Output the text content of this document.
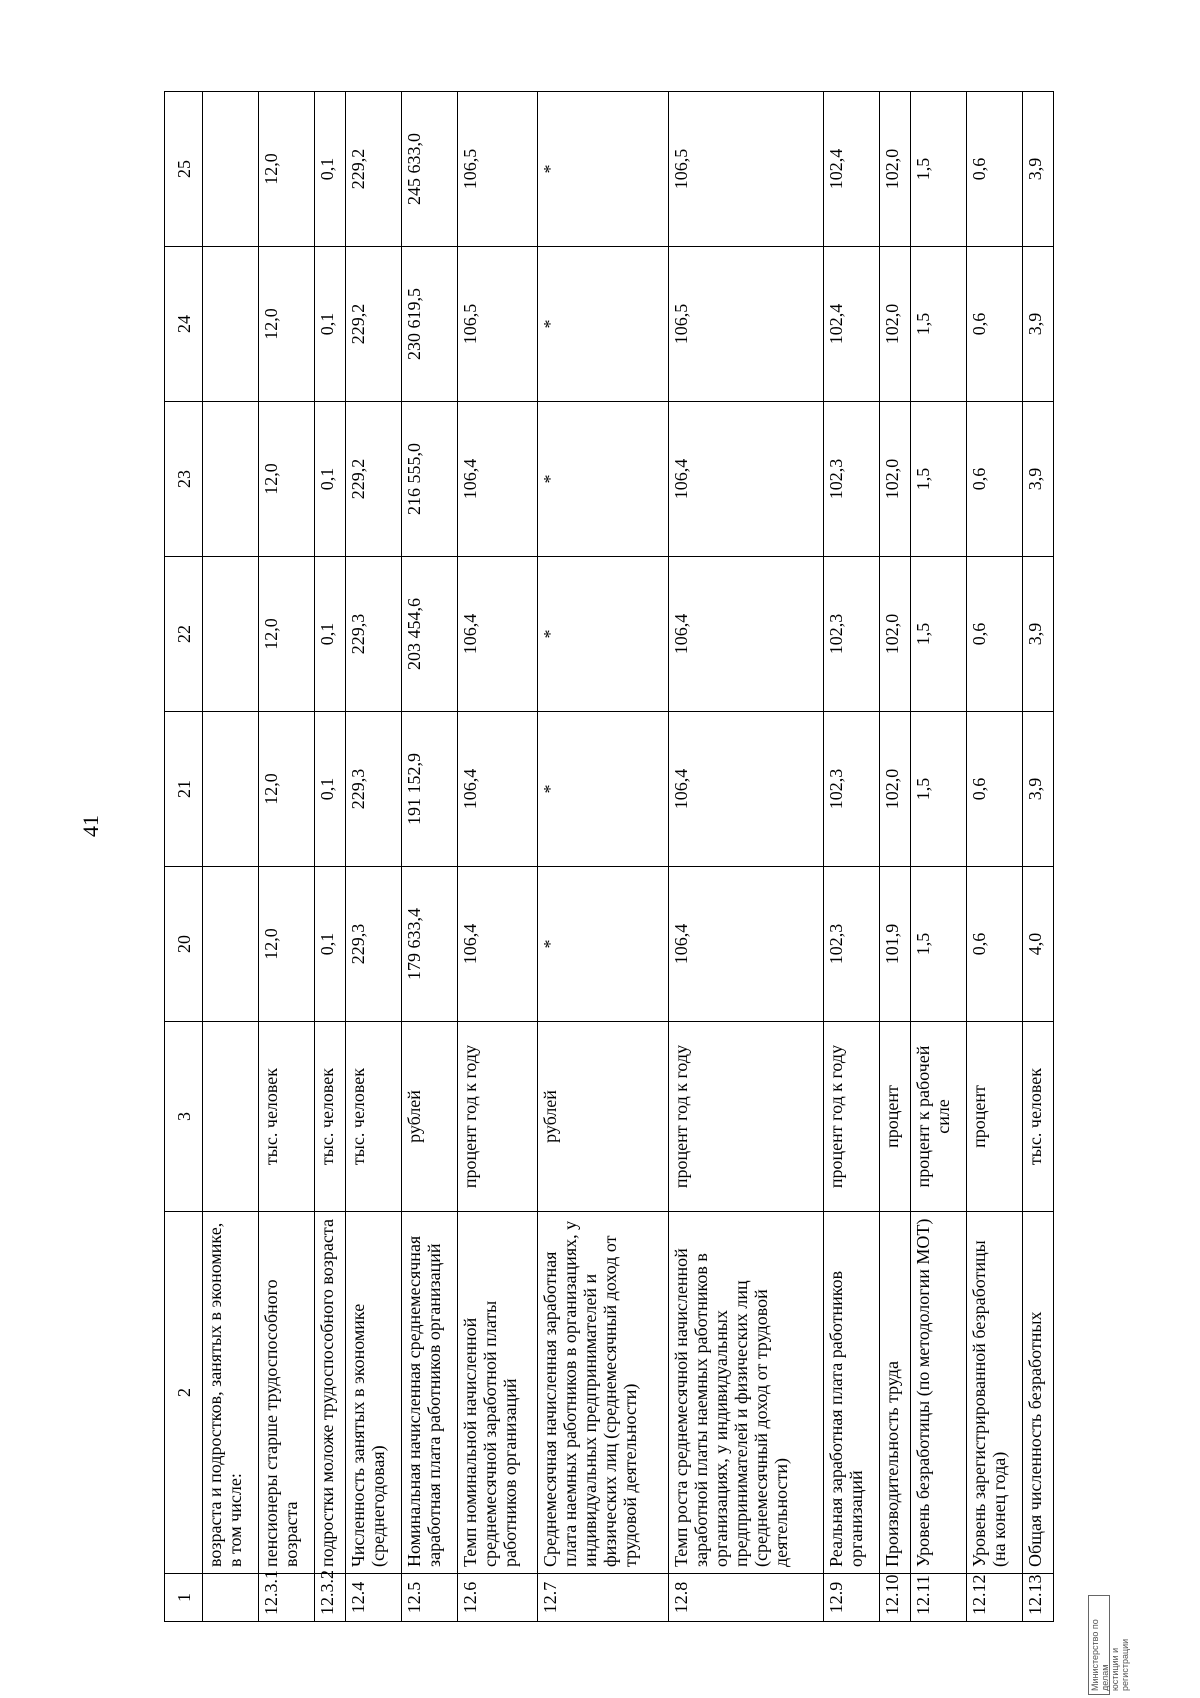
41
1	2	3	20	21	22	23	24	25
	возраста и подростков, занятых в экономике, в том числе:							
12.3.1	пенсионеры старше трудоспособного возраста	тыс. человек	12,0	12,0	12,0	12,0	12,0	12,0
12.3.2	подростки моложе трудоспособного возраста	тыс. человек	0,1	0,1	0,1	0,1	0,1	0,1
12.4	Численность занятых в экономике (среднегодовая)	тыс. человек	229,3	229,3	229,3	229,2	229,2	229,2
12.5	Номинальная начисленная среднемесячная заработная плата работников организаций	рублей	179 633,4	191 152,9	203 454,6	216 555,0	230 619,5	245 633,0
12.6	Темп номинальной начисленной среднемесячной заработной платы работников организаций	процент год к году	106,4	106,4	106,4	106,4	106,5	106,5
12.7	Среднемесячная начисленная заработная плата наемных работников в организациях, у индивидуальных предпринимателей и физических лиц (среднемесячный доход от трудовой деятельности)	рублей	*	*	*	*	*	*
12.8	Темп роста среднемесячной начисленной заработной платы наемных работников в организациях, у индивидуальных предпринимателей и физических лиц (среднемесячный доход от трудовой деятельности)	процент год к году	106,4	106,4	106,4	106,4	106,5	106,5
12.9	Реальная заработная плата работников организаций	процент год к году	102,3	102,3	102,3	102,3	102,4	102,4
12.10	Производительность труда	процент	101,9	102,0	102,0	102,0	102,0	102,0
12.11	Уровень безработицы (по методологии МОТ)	процент к рабочей силе	1,5	1,5	1,5	1,5	1,5	1,5
12.12	Уровень зарегистрированной безработицы (на конец года)	процент	0,6	0,6	0,6	0,6	0,6	0,6
12.13	Общая численность безработных	тыс. человек	4,0	3,9	3,9	3,9	3,9	3,9
Министерство по делам юстиции и регистрации
